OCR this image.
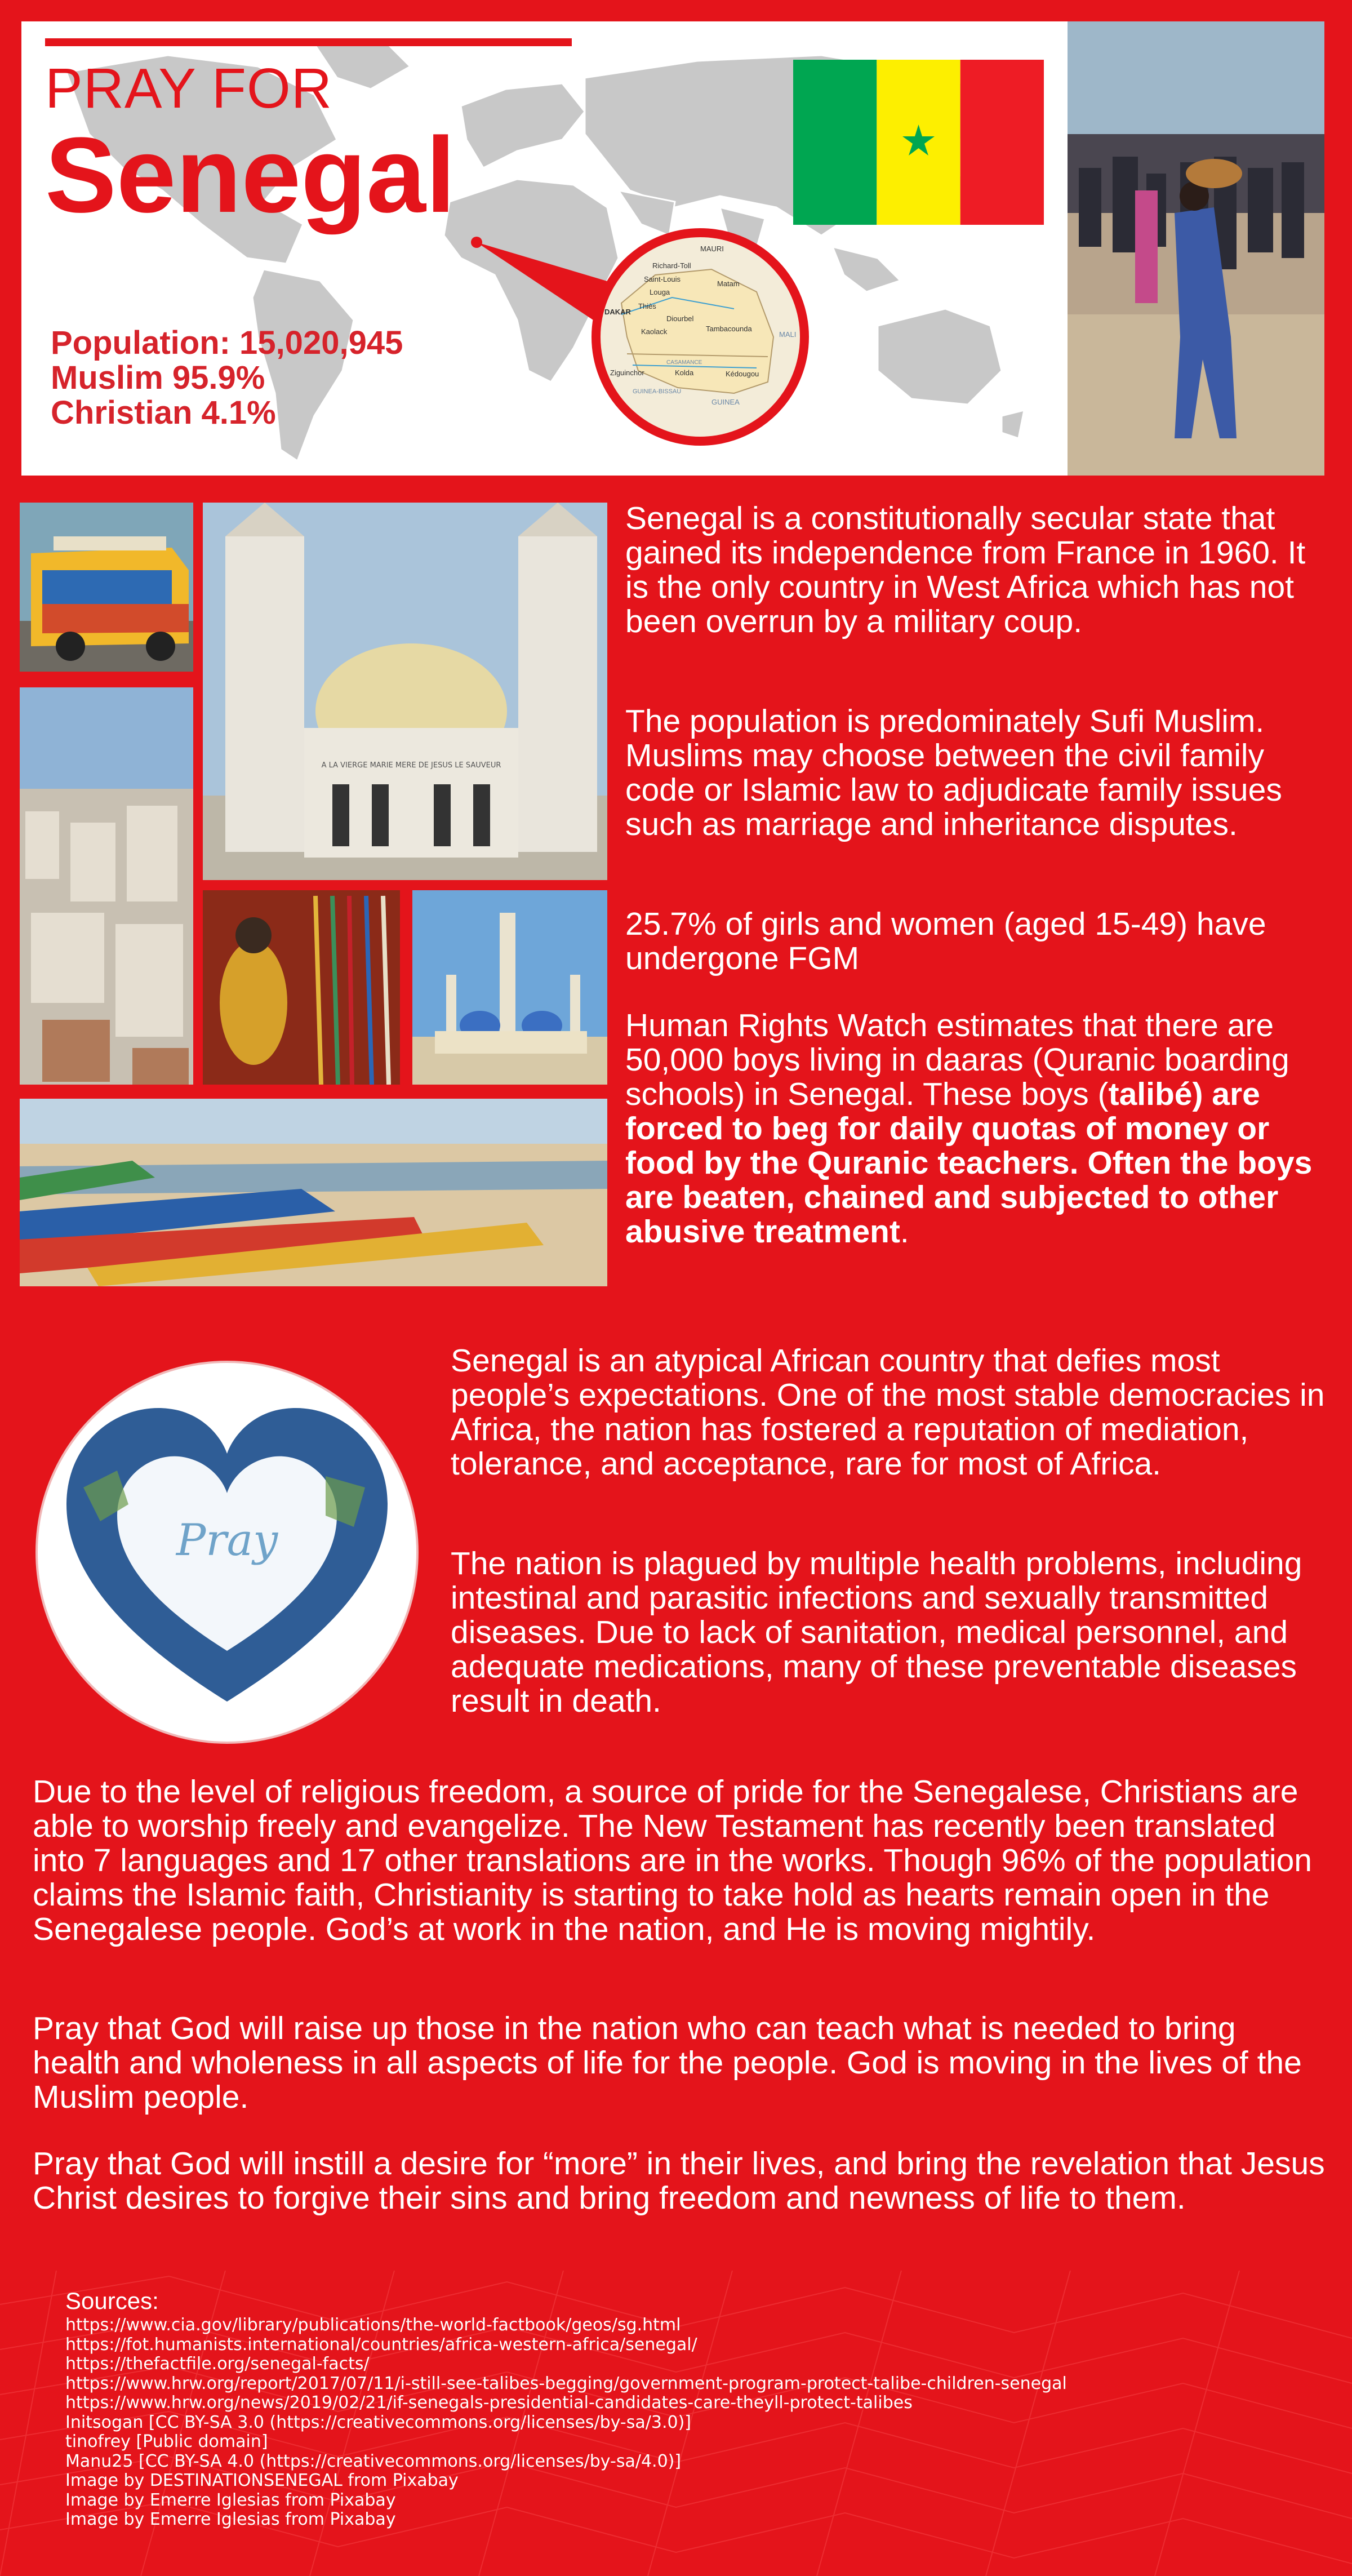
PRAY FOR
Senegal
Population: 15,020,945
Muslim 95.9%
Christian 4.1%
MAURI
Richard-Toll
Saint-Louis
Louga
Matam
Thiès
Diourbel
DAKAR
Kaolack	Tambacounda
Ziguinchor	Kolda	Kédougou
GUINEA-BISSAU
MALI
GUINEA
CASAMANCE
A LA VIERGE MARIE MERE DE JESUS LE SAUVEUR
Senegal is a constitutionally secular state that gained its independence from France in 1960. It is the only country in West Africa which has not been overrun by a military coup.
The population is predominately Sufi Muslim. Muslims may choose between the civil family code or Islamic law to adjudicate family issues such as marriage and inheritance disputes.
25.7% of girls and women (aged 15-49) have undergone FGM
Human Rights Watch estimates that there are 50,000 boys living in daaras (Quranic boarding schools) in Senegal. These boys (talibé) are forced to beg for daily quotas of money or food by the Quranic teachers. Often the boys are beaten, chained and subjected to other abusive treatment.
Pray
Senegal is an atypical African country that defies most people’s expectations. One of the most stable democracies in Africa, the nation has fostered a reputation of mediation, tolerance, and acceptance, rare for most of Africa.
The nation is plagued by multiple health problems, including intestinal and parasitic infections and sexually transmitted diseases. Due to lack of sanitation, medical personnel, and adequate medications, many of these preventable diseases result in death.
Due to the level of religious freedom, a source of pride for the Senegalese, Christians are able to worship freely and evangelize. The New Testament has recently been translated into 7 languages and 17 other translations are in the works. Though 96% of the population claims the Islamic faith, Christianity is starting to take hold as hearts remain open in the Senegalese people. God’s at work in the nation, and He is moving mightily.
Pray that God will raise up those in the nation who can teach what is needed to bring health and wholeness in all aspects of life for the people. God is moving in the lives of the Muslim people.
Pray that God will instill a desire for “more” in their lives, and bring the revelation that Jesus Christ desires to forgive their sins and bring freedom and newness of life to them.
Sources:
https://www.cia.gov/library/publications/the-world-factbook/geos/sg.html
https://fot.humanists.international/countries/africa-western-africa/senegal/
https://thefactfile.org/senegal-facts/
https://www.hrw.org/report/2017/07/11/i-still-see-talibes-begging/government-program-protect-talibe-children-senegal
https://www.hrw.org/news/2019/02/21/if-senegals-presidential-candidates-care-theyll-protect-talibes
Initsogan [CC BY-SA 3.0 (https://creativecommons.org/licenses/by-sa/3.0)]
tinofrey [Public domain]
Manu25 [CC BY-SA 4.0 (https://creativecommons.org/licenses/by-sa/4.0)]
Image by DESTINATIONSENEGAL from Pixabay
Image by Emerre Iglesias from Pixabay
Image by Emerre Iglesias from Pixabay
